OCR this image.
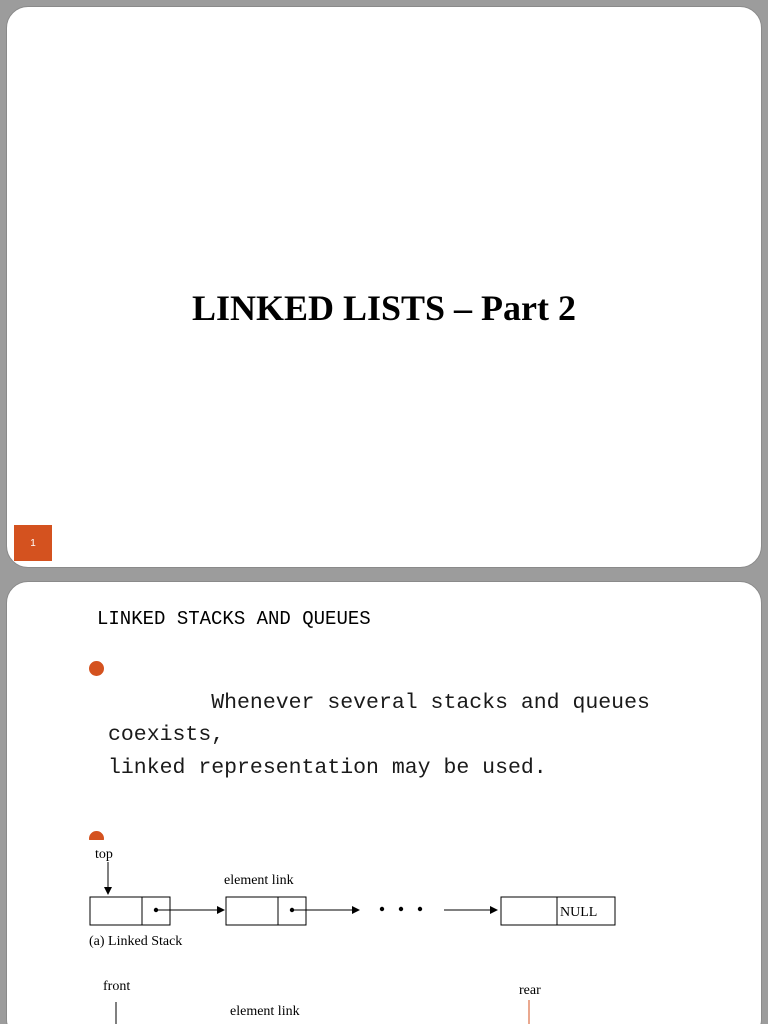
LINKED LISTS – Part 2
1
LINKED STACKS AND QUEUES

Whenever several stacks and queues coexists,
linked representation may be used.

top
element link
NULL
(a) Linked Stack
front
element link
rear
